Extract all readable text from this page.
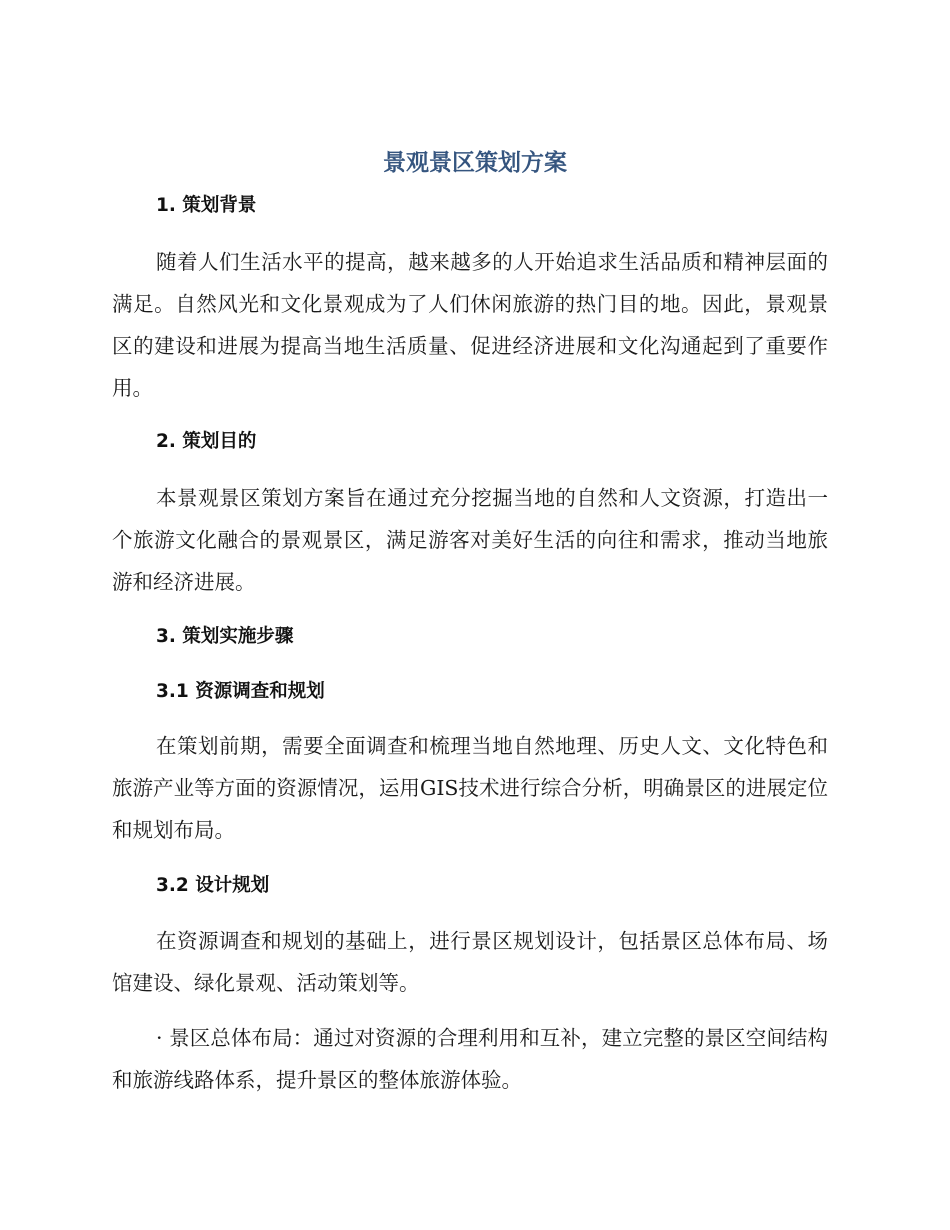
景观景区策划方案
1. 策划背景

随着人们生活水平的提高，越来越多的人开始追求生活品质和精神层面的满足。自然风光和文化景观成为了人们休闲旅游的热门目的地。因此，景观景区的建设和进展为提高当地生活质量、促进经济进展和文化沟通起到了重要作用。

2. 策划目的

本景观景区策划方案旨在通过充分挖掘当地的自然和人文资源，打造出一个旅游文化融合的景观景区，满足游客对美好生活的向往和需求，推动当地旅游和经济进展。

3. 策划实施步骤
3.1 资源调查和规划

在策划前期，需要全面调查和梳理当地自然地理、历史人文、文化特色和旅游产业等方面的资源情况，运用GIS技术进行综合分析，明确景区的进展定位和规划布局。

3.2 设计规划

在资源调查和规划的基础上，进行景区规划设计，包括景区总体布局、场馆建设、绿化景观、活动策划等。

· 景区总体布局：通过对资源的合理利用和互补，建立完整的景区空间结构和旅游线路体系，提升景区的整体旅游体验。
